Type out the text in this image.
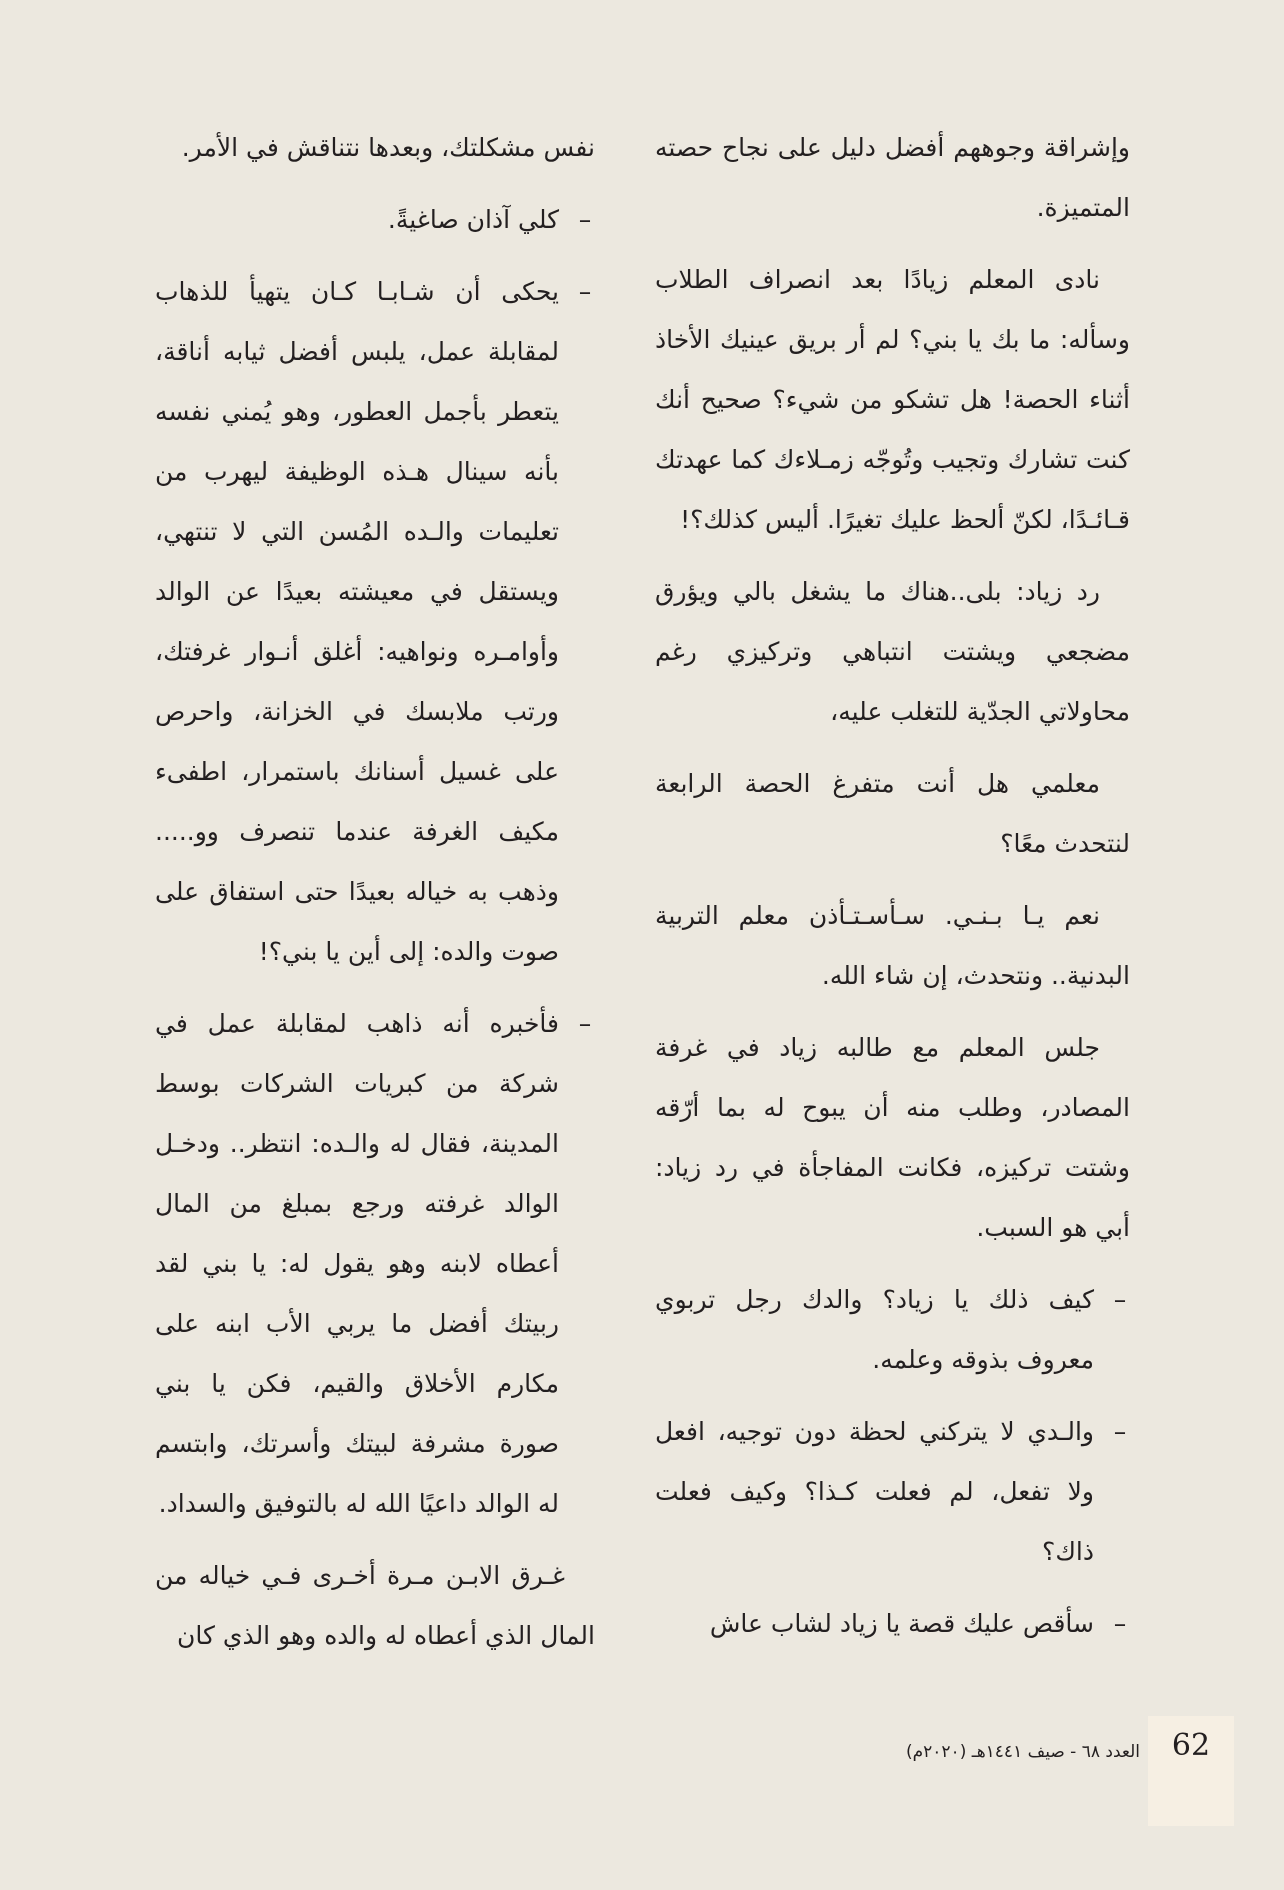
وإشراقة وجوههم أفضل دليل على نجاح حصته المتميزة.

نادى المعلم زيادًا بعد انصراف الطلاب وسأله: ما بك يا بني؟ لم أر بريق عينيك الأخاذ أثناء الحصة! هل تشكو من شيء؟ صحيح أنك كنت تشارك وتجيب وتُوجّه زمـلاءك كما عهدتك قـائـدًا، لكنّ ألحظ عليك تغيرًا. أليس كذلك؟!

رد زياد: بلى..هناك ما يشغل بالي ويؤرق مضجعي ويشتت انتباهي وتركيزي رغم محاولاتي الجدّية للتغلب عليه،

معلمي هل أنت متفرغ الحصة الرابعة لنتحدث معًا؟

نعم يـا بـنـي. سـأسـتـأذن معلم التربية البدنية.. ونتحدث، إن شاء الله.

جلس المعلم مع طالبه زياد في غرفة المصادر، وطلب منه أن يبوح له بما أرّقه وشتت تركيزه، فكانت المفاجأة في رد زياد: أبي هو السبب.

–
كيف ذلك يا زياد؟ والدك رجل تربوي معروف بذوقه وعلمه.

–
والـدي لا يتركني لحظة دون توجيه، افعل ولا تفعل، لم فعلت كـذا؟ وكيف فعلت ذاك؟

–
سأقص عليك قصة يا زياد لشاب عاش

نفس مشكلتك، وبعدها نتناقش في الأمر.

–
كلي آذان صاغيةً.

–
يحكى أن شـابـا كـان يتهيأ للذهاب لمقابلة عمل، يلبس أفضل ثيابه أناقة، يتعطر بأجمل العطور، وهو يُمني نفسه بأنه سينال هـذه الوظيفة ليهرب من تعليمات والـده المُسن التي لا تنتهي، ويستقل في معيشته بعيدًا عن الوالد وأوامـره ونواهيه: أغلق أنـوار غرفتك، ورتب ملابسك في الخزانة، واحرص على غسيل أسنانك باستمرار، اطفىء مكيف الغرفة عندما تنصرف وو..... وذهب به خياله بعيدًا حتى استفاق على صوت والده: إلى أين يا بني؟!

–
فأخبره أنه ذاهب لمقابلة عمل في شركة من كبريات الشركات بوسط المدينة، فقال له والـده: انتظر.. ودخـل الوالد غرفته ورجع بمبلغ من المال أعطاه لابنه وهو يقول له: يا بني لقد ربيتك أفضل ما يربي الأب ابنه على مكارم الأخلاق والقيم، فكن يا بني صورة مشرفة لبيتك وأسرتك، وابتسم له الوالد داعيًا الله له بالتوفيق والسداد.

غـرق الابـن مـرة أخـرى فـي خياله من المال الذي أعطاه له والده وهو الذي كان

62
العدد ٦٨ - صيف ١٤٤١هـ (٢٠٢٠م)
